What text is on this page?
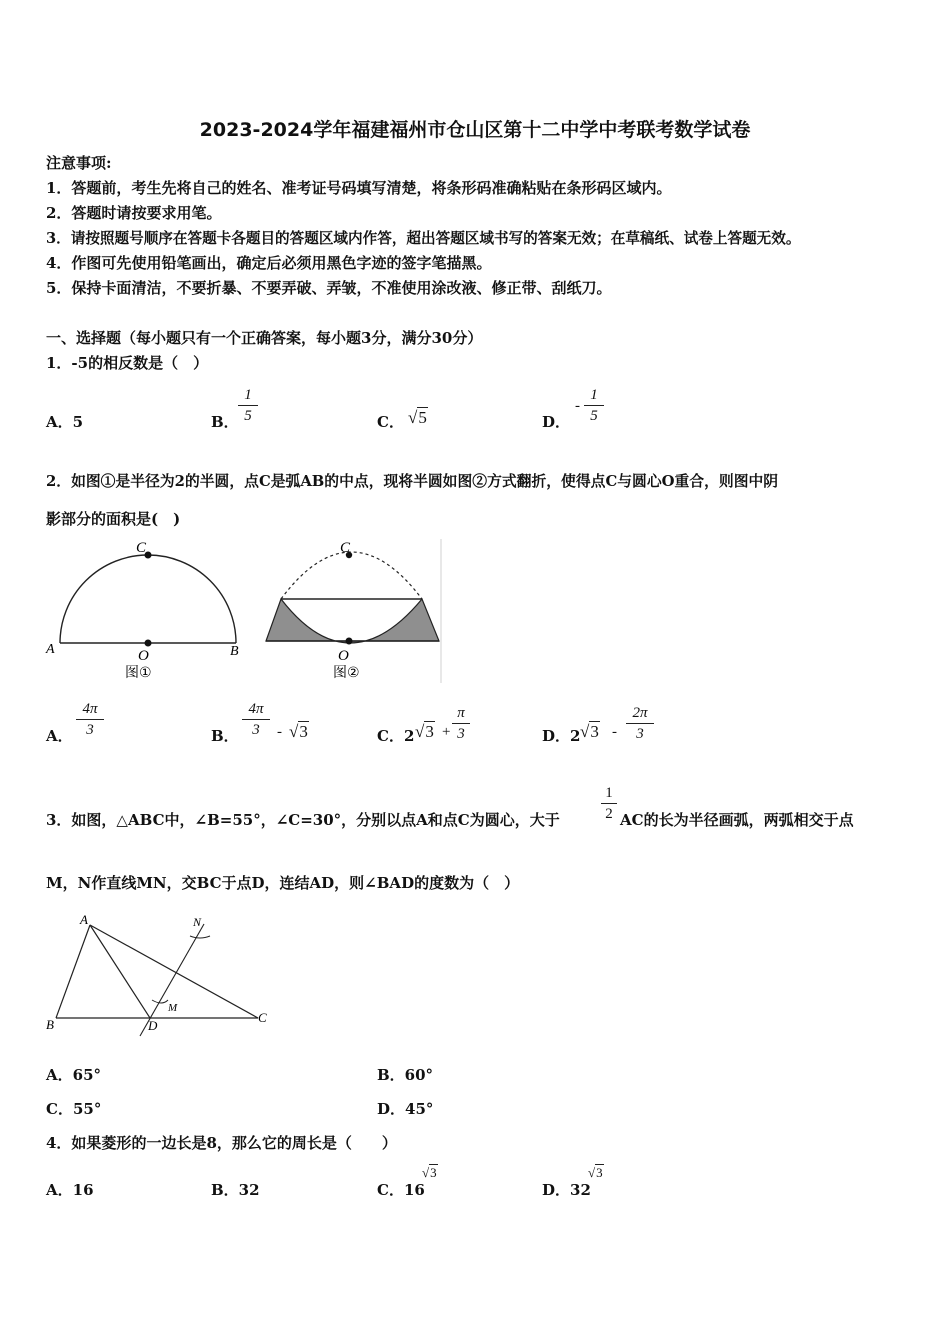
2023-2024学年福建福州市仓山区第十二中学中考联考数学试卷
注意事项:
1．答题前，考生先将自己的姓名、准考证号码填写清楚，将条形码准确粘贴在条形码区域内。
2．答题时请按要求用笔。
3．请按照题号顺序在答题卡各题目的答题区域内作答，超出答题区域书写的答案无效；在草稿纸、试卷上答题无效。
4．作图可先使用铅笔画出，确定后必须用黑色字迹的签字笔描黑。
5．保持卡面清洁，不要折暴、不要弄破、弄皱，不准使用涂改液、修正带、刮纸刀。
一、选择题（每小题只有一个正确答案，每小题3分，满分30分）
1．-5的相反数是（　）
A．5	B．
1
5	C． √5	D．
-
1
5
2．如图①是半径为2的半圆，点C是弧AB的中点，现将半圆如图②方式翻折，使得点C与圆心O重合，则图中阴
影部分的面积是(　)
C
A	O	B
图①
C
O
图②
A．
4π
3	B．
4π
3	- √3	C．2 √3 +
π
3	D．2 √3 -
2π
3
3．如图，△ABC中，∠B=55°，∠C=30°，分别以点A和点C为圆心，大于
1
2 AC的长为半径画弧，两弧相交于点
M，N作直线MN，交BC于点D，连结AD，则∠BAD的度数为（　）
A
B	C
D
M
N
A．65°	B．60°
C．55°	D．45°
4．如果菱形的一边长是8，那么它的周长是（　　）
A．16	B．32	C．16
√3
D．32
√3
